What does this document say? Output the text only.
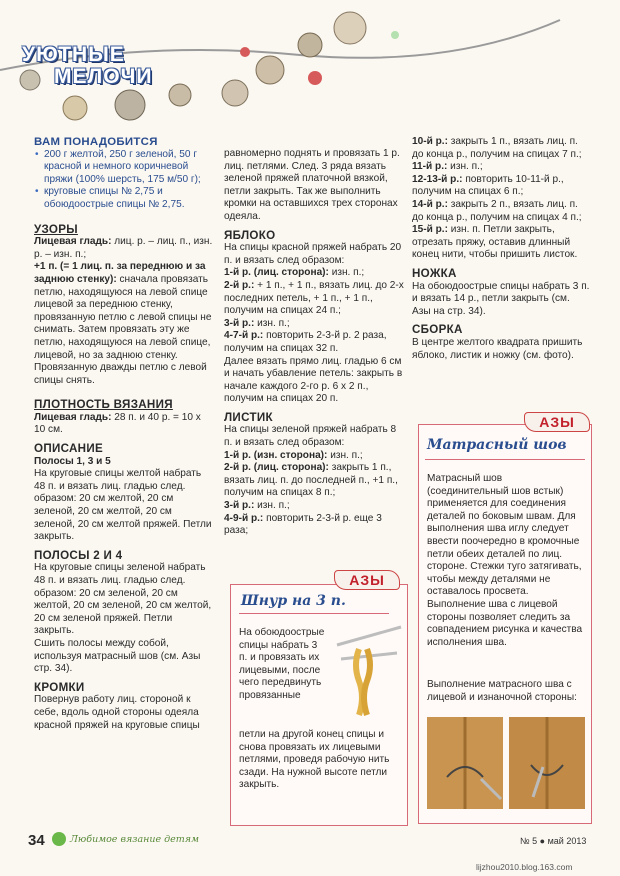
УЮТНЫЕ
МЕЛОЧИ

ВАМ ПОНАДОБИТСЯ

• 200 г желтой, 250 г зеленой, 50 г красной и немного коричневой пряжи (100% шерсть, 175 м/50 г);
• круговые спицы № 2,75 и обоюдоострые спицы № 2,75.

УЗОРЫ

Лицевая гладь: лиц. р. – лиц. п., изн. р. – изн. п.;

+1 п. (= 1 лиц. п. за переднюю и за заднюю стенку): сначала провязать петлю, находящуюся на левой спице лицевой за переднюю стенку, провязанную петлю с левой спицы не снимать. Затем провязать эту же петлю, находящуюся на левой спице, лицевой, но за заднюю стенку. Провязанную дважды петлю с левой спицы снять.

ПЛОТНОСТЬ ВЯЗАНИЯ

Лицевая гладь: 28 п. и 40 р. = 10 х 10 см.

ОПИСАНИЕ

Полосы 1, 3 и 5

На круговые спицы желтой набрать 48 п. и вязать лиц. гладью след. образом: 20 см желтой, 20 см зеленой, 20 см желтой, 20 см зеленой, 20 см желтой пряжей. Петли закрыть.

ПОЛОСЫ 2 И 4

На круговые спицы зеленой набрать 48 п. и вязать лиц. гладью след. образом: 20 см зеленой, 20 см желтой, 20 см зеленой, 20 см желтой, 20 см зеленой пряжей. Петли закрыть.

Сшить полосы между собой, используя матрасный шов (см. Азы стр. 34).

КРОМКИ

Повернув работу лиц. стороной к себе, вдоль одной стороны одеяла красной пряжей на круговые спицы

равномерно поднять и провязать 1 р. лиц. петлями. След. 3 ряда вязать зеленой пряжей платочной вязкой, петли закрыть. Так же выполнить кромки на оставшихся трех сторонах одеяла.

ЯБЛОКО

На спицы красной пряжей набрать 20 п. и вязать след образом:

1-й р. (лиц. сторона): изн. п.;

2-й р.: + 1 п., + 1 п., вязать лиц. до 2-х последних петель, + 1 п., + 1 п., получим на спицах 24 п.;

3-й р.: изн. п.;

4-7-й р.: повторить 2-3-й р. 2 раза, получим на спицах 32 п.

Далее вязать прямо лиц. гладью 6 см и начать убавление петель: закрыть в начале каждого 2-го р. 6 х 2 п., получим на спицах 20 п.

ЛИСТИК

На спицы зеленой пряжей набрать 8 п. и вязать след образом:

1-й р. (изн. сторона): изн. п.;

2-й р. (лиц. сторона): закрыть 1 п., вязать лиц. п. до последней п., +1 п., получим на спицах 8 п.;

3-й р.: изн. п.;

4-9-й р.: повторить 2-3-й р. еще 3 раза;

10-й р.: закрыть 1 п., вязать лиц. п. до конца р., получим на спицах 7 п.;

11-й р.: изн. п.;

12-13-й р.: повторить 10-11-й р., получим на спицах 6 п.;

14-й р.: закрыть 2 п., вязать лиц. п. до конца р., получим на спицах 4 п.;

15-й р.: изн. п. Петли закрыть, отрезать пряжу, оставив длинный конец нити, чтобы пришить листок.

НОЖКА

На обоюдоострые спицы набрать 3 п. и вязать 14 р., петли закрыть (см. Азы на стр. 34).

СБОРКА

В центре желтого квадрата пришить яблоко, листик и ножку (см. фото).

Шнур на 3 п.
На обоюдоострые спицы набрать 3 п. и провязать их лицевыми, после чего передвинуть провязанные
петли на другой конец спицы и снова провязать их лицевыми петлями, проведя рабочую нить сзади. На нужной высоте петли закрыть.
АЗЫ
Матрасный шов
Матрасный шов (соединительный шов встык) применяется для соединения деталей по боковым швам. Для выполнения шва иглу следует ввести поочередно в кромочные петли обеих деталей по лиц. стороне. Стежки туго затягивать, чтобы между деталями не оставалось просвета. Выполнение шва с лицевой стороны позволяет следить за совпадением рисунка и качества исполнения шва.
Выполнение матрасного шва с лицевой и изнаночной стороны:
АЗЫ
34	Любимое вязание детям	№ 5 ● май 2013
lijzhou2010.blog.163.com
